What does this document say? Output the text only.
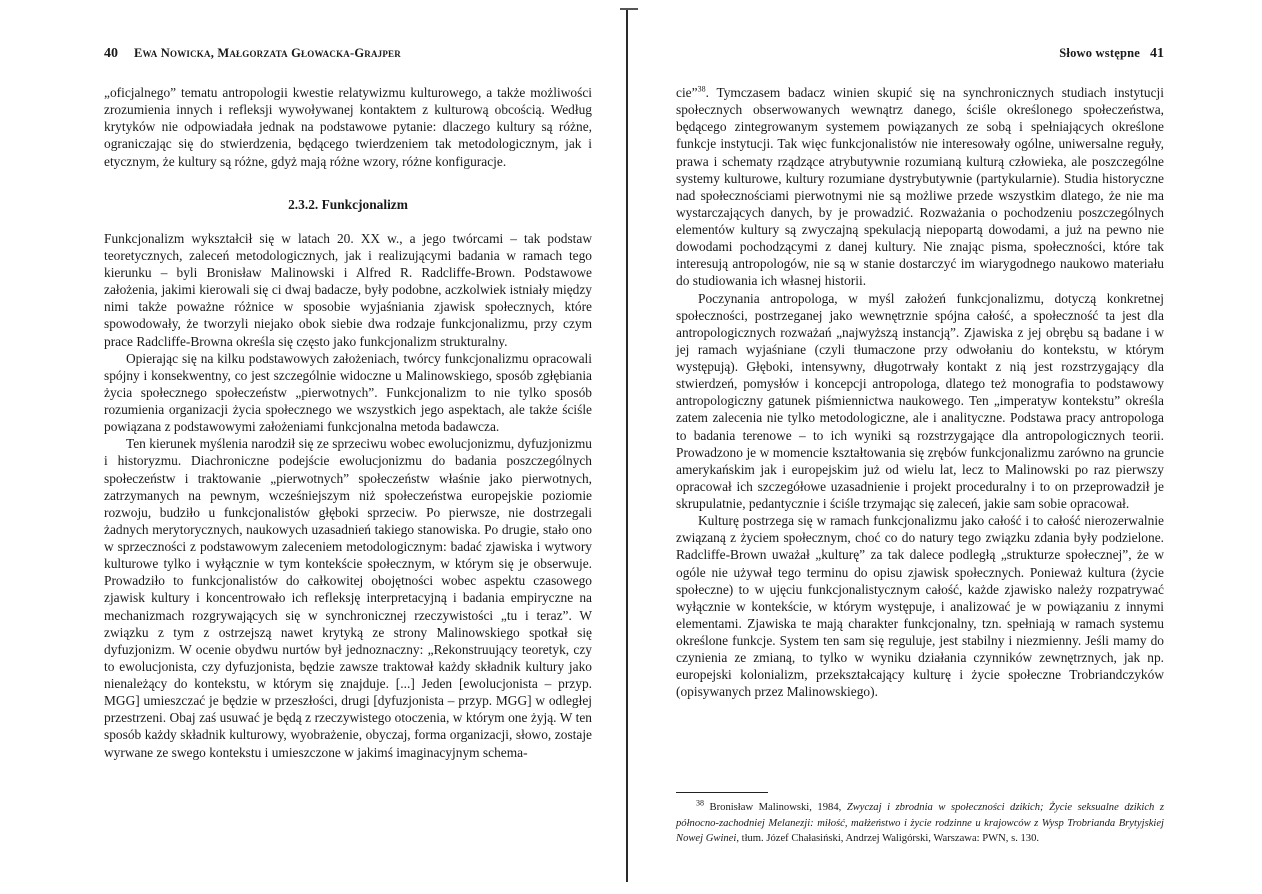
40 Ewa Nowicka, Małgorzata Głowacka-Grajper

„oficjalnego” tematu antropologii kwestie relatywizmu kulturowego, a także możliwości zrozumienia innych i refleksji wywoływanej kontaktem z kulturową obcością. Według krytyków nie odpowiadała jednak na podstawowe pytanie: dlaczego kultury są różne, ograniczając się do stwierdzenia, będącego twierdzeniem tak metodologicznym, jak i etycznym, że kultury są różne, gdyż mają różne wzory, różne konfiguracje.

2.3.2. Funkcjonalizm

Funkcjonalizm wykształcił się w latach 20. XX w., a jego twórcami – tak podstaw teoretycznych, zaleceń metodologicznych, jak i realizującymi badania w ramach tego kierunku – byli Bronisław Malinowski i Alfred R. Radcliffe-Brown. Podstawowe założenia, jakimi kierowali się ci dwaj badacze, były podobne, aczkolwiek istniały między nimi także poważne różnice w sposobie wyjaśniania zjawisk społecznych, które spowodowały, że tworzyli niejako obok siebie dwa rodzaje funkcjonalizmu, przy czym prace Radcliffe-Browna określa się często jako funkcjonalizm strukturalny.

Opierając się na kilku podstawowych założeniach, twórcy funkcjonalizmu opracowali spójny i konsekwentny, co jest szczególnie widoczne u Malinowskiego, sposób zgłębiania życia społecznego społeczeństw „pierwotnych”. Funkcjonalizm to nie tylko sposób rozumienia organizacji życia społecznego we wszystkich jego aspektach, ale także ściśle powiązana z podstawowymi założeniami funkcjonalna metoda badawcza.

Ten kierunek myślenia narodził się ze sprzeciwu wobec ewolucjonizmu, dyfuzjonizmu i historyzmu. Diachroniczne podejście ewolucjonizmu do badania poszczególnych społeczeństw i traktowanie „pierwotnych” społeczeństw właśnie jako pierwotnych, zatrzymanych na pewnym, wcześniejszym niż społeczeństwa europejskie poziomie rozwoju, budziło u funkcjonalistów głęboki sprzeciw. Po pierwsze, nie dostrzegali żadnych merytorycznych, naukowych uzasadnień takiego stanowiska. Po drugie, stało ono w sprzeczności z podstawowym zaleceniem metodologicznym: badać zjawiska i wytwory kulturowe tylko i wyłącznie w tym kontekście społecznym, w którym się je obserwuje. Prowadziło to funkcjonalistów do całkowitej obojętności wobec aspektu czasowego zjawisk kultury i koncentrowało ich refleksję interpretacyjną i badania empiryczne na mechanizmach rozgrywających się w synchronicznej rzeczywistości „tu i teraz”. W związku z tym z ostrzejszą nawet krytyką ze strony Malinowskiego spotkał się dyfuzjonizm. W ocenie obydwu nurtów był jednoznaczny: „Rekonstruujący teoretyk, czy to ewolucjonista, czy dyfuzjonista, będzie zawsze traktował każdy składnik kultury jako nienależący do kontekstu, w którym się znajduje. [...] Jeden [ewolucjonista – przyp. MGG] umieszczać je będzie w przeszłości, drugi [dyfuzjonista – przyp. MGG] w odległej przestrzeni. Obaj zaś usuwać je będą z rzeczywistego otoczenia, w którym one żyją. W ten sposób każdy składnik kulturowy, wyobrażenie, obyczaj, forma organizacji, słowo, zostaje wyrwane ze swego kontekstu i umieszczone w jakimś imaginacyjnym schema-

Słowo wstępne 41

cie”$^{38}$. Tymczasem badacz winien skupić się na synchronicznych studiach instytucji społecznych obserwowanych wewnątrz danego, ściśle określonego społeczeństwa, będącego zintegrowanym systemem powiązanych ze sobą i spełniających określone funkcje instytucji. Tak więc funkcjonalistów nie interesowały ogólne, uniwersalne reguły, prawa i schematy rządzące atrybutywnie rozumianą kulturą człowieka, ale poszczególne systemy kulturowe, kultury rozumiane dystrybutywnie (partykularnie). Studia historyczne nad społecznościami pierwotnymi nie są możliwe przede wszystkim dlatego, że nie ma wystarczających danych, by je prowadzić. Rozważania o pochodzeniu poszczególnych elementów kultury są zwyczajną spekulacją niepopartą dowodami, a już na pewno nie dowodami pochodzącymi z danej kultury. Nie znając pisma, społeczności, które tak interesują antropologów, nie są w stanie dostarczyć im wiarygodnego naukowo materiału do studiowania ich własnej historii.

Poczynania antropologa, w myśl założeń funkcjonalizmu, dotyczą konkretnej społeczności, postrzeganej jako wewnętrznie spójna całość, a społeczność ta jest dla antropologicznych rozważań „najwyższą instancją”. Zjawiska z jej obrębu są badane i w jej ramach wyjaśniane (czyli tłumaczone przy odwołaniu do kontekstu, w którym występują). Głęboki, intensywny, długotrwały kontakt z nią jest rozstrzygający dla stwierdzeń, pomysłów i koncepcji antropologa, dlatego też monografia to podstawowy antropologiczny gatunek piśmiennictwa naukowego. Ten „imperatyw kontekstu” określa zatem zalecenia nie tylko metodologiczne, ale i analityczne. Podstawa pracy antropologa to badania terenowe – to ich wyniki są rozstrzygające dla antropologicznych teorii. Prowadzono je w momencie kształtowania się zrębów funkcjonalizmu zarówno na gruncie amerykańskim jak i europejskim już od wielu lat, lecz to Malinowski po raz pierwszy opracował ich szczegółowe uzasadnienie i projekt proceduralny i to on przeprowadził je skrupulatnie, pedantycznie i ściśle trzymając się zaleceń, jakie sam sobie opracował.

Kulturę postrzega się w ramach funkcjonalizmu jako całość i to całość nierozerwalnie związaną z życiem społecznym, choć co do natury tego związku zdania były podzielone. Radcliffe-Brown uważał „kulturę” za tak dalece podległą „strukturze społecznej”, że w ogóle nie używał tego terminu do opisu zjawisk społecznych. Ponieważ kultura (życie społeczne) to w ujęciu funkcjonalistycznym całość, każde zjawisko należy rozpatrywać wyłącznie w kontekście, w którym występuje, i analizować je w powiązaniu z innymi elementami. Zjawiska te mają charakter funkcjonalny, tzn. spełniają w ramach systemu określone funkcje. System ten sam się reguluje, jest stabilny i niezmienny. Jeśli mamy do czynienia ze zmianą, to tylko w wyniku działania czynników zewnętrznych, jak np. europejski kolonializm, przekształcający kulturę i życie społeczne Trobriandczyków (opisywanych przez Malinowskiego).

$^{38}$ Bronisław Malinowski, 1984, Zwyczaj i zbrodnia w społeczności dzikich; Życie seksualne dzikich z północno-zachodniej Melanezji: miłość, małżeństwo i życie rodzinne u krajowców z Wysp Trobrianda Brytyjskiej Nowej Gwinei, tłum. Józef Chałasiński, Andrzej Waligórski, Warszawa: PWN, s. 130.
